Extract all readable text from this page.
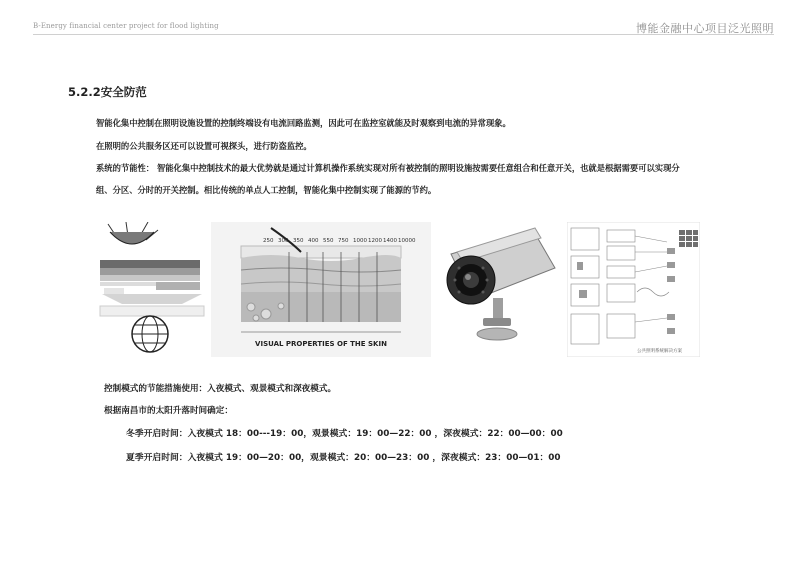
B-Energy financial center project for flood lighting	博能金融中心项目泛光照明
5.2.2安全防范
智能化集中控制在照明设施设置的控制终端设有电流回路监测，因此可在监控室就能及时观察到电流的异常现象。
在照明的公共服务区还可以设置可视探头，进行防盗监控。
系统的节能性： 智能化集中控制技术的最大优势就是通过计算机操作系统实现对所有被控制的照明设施按需要任意组合和任意开关，也就是根据需要可以实现分
组、分区、分时的开关控制。相比传统的单点人工控制，智能化集中控制实现了能源的节约。
250 300 350 400 550 750 1000 1200 1400 10000
VISUAL PROPERTIES OF THE SKIN
公共照明系统解决方案
控制模式的节能措施使用：入夜模式、观景模式和深夜模式。
根据南昌市的太阳升落时间确定：
冬季开启时间：入夜模式 18：00---19：00，观景模式：19：00—22：00 ，深夜模式：22：00—00：00
夏季开启时间：入夜模式 19：00—20：00，观景模式：20：00—23：00 ，深夜模式：23：00—01：00
